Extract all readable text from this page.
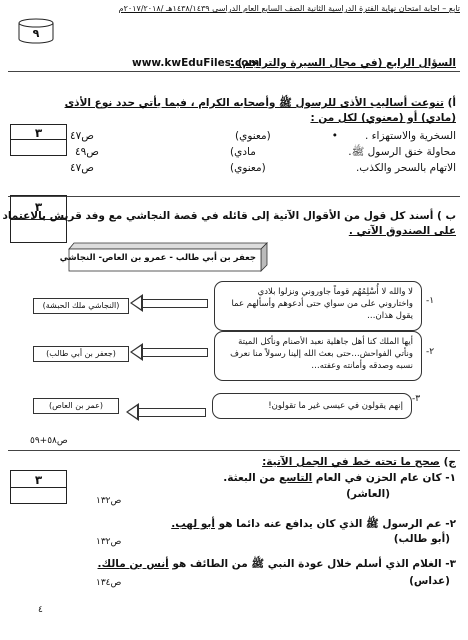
تابع – اجابة امتحان نهاية الفترة الدراسية الثانية الصف السابع العام الدراسى ١٤٣٨/١٤٣٩هـ /٢٠١٧/٢٠١٨م
٩
www.kwEduFiles.com
السؤال الرابع (في مجال السيرة والتراجم) :
أ) تنوعت أساليب الأذى للرسول ﷺ وأصحابه الكرام ، فيما يأتي حدد نوع الأذى
(مادي) أو (معنوي) لكل من :
٣	السخرية والاستهزاء .
•
(معنوي)
ص٤٧
محاولة خنق الرسول ﷺ.
مادي)
ص٤٩
الاتهام بالسحر والكذب.
(معنوي)
ص٤٧
٣
ب ) أسند كل قول من الأقوال الآتية إلى قائله في قصة النجاشي مع وفد قريش بالاعتماد
على الصندوق الآتي .
جعفر بن أبي طالب - عمرو بن العاص- النجاشي
لا والله لا أُسْلِمُهُم قوماً جاوروني ونزلوا بلادي واختاروني على من سواي حتى أدعوهم وأسألهم عما يقول هذان…
-١
(النجاشي ملك الحبشة)
أيها الملك كنا أهل جاهلية نعبد الأصنام ونأكل الميتة ونأتي الفواحش…حتى بعث الله إلينا رسولاً منا نعرف نسبه وصدقه وأمانته وعفته…
-٢
(جعفر بن أبي طالب)
إنهم يقولون في عيسى غير ما تقولون!
-٣
(عمر بن العاص)
ص٥٨+٥٩
ج) صحح ما تحته خط في الجمل الآتية:
٣	١- كان عام الحزن في العام التاسع من البعثة.
(العاشر)
ص١٣٢
٢- عم الرسول ﷺ الذي كان يدافع عنه دائما هو أبو لهب.
(أبو طالب)
ص١٣٢
٣- الغلام الذي أسلم خلال عودة النبي ﷺ من الطائف هو أنس بن مالك.
(عداس)
ص١٣٤
٤
